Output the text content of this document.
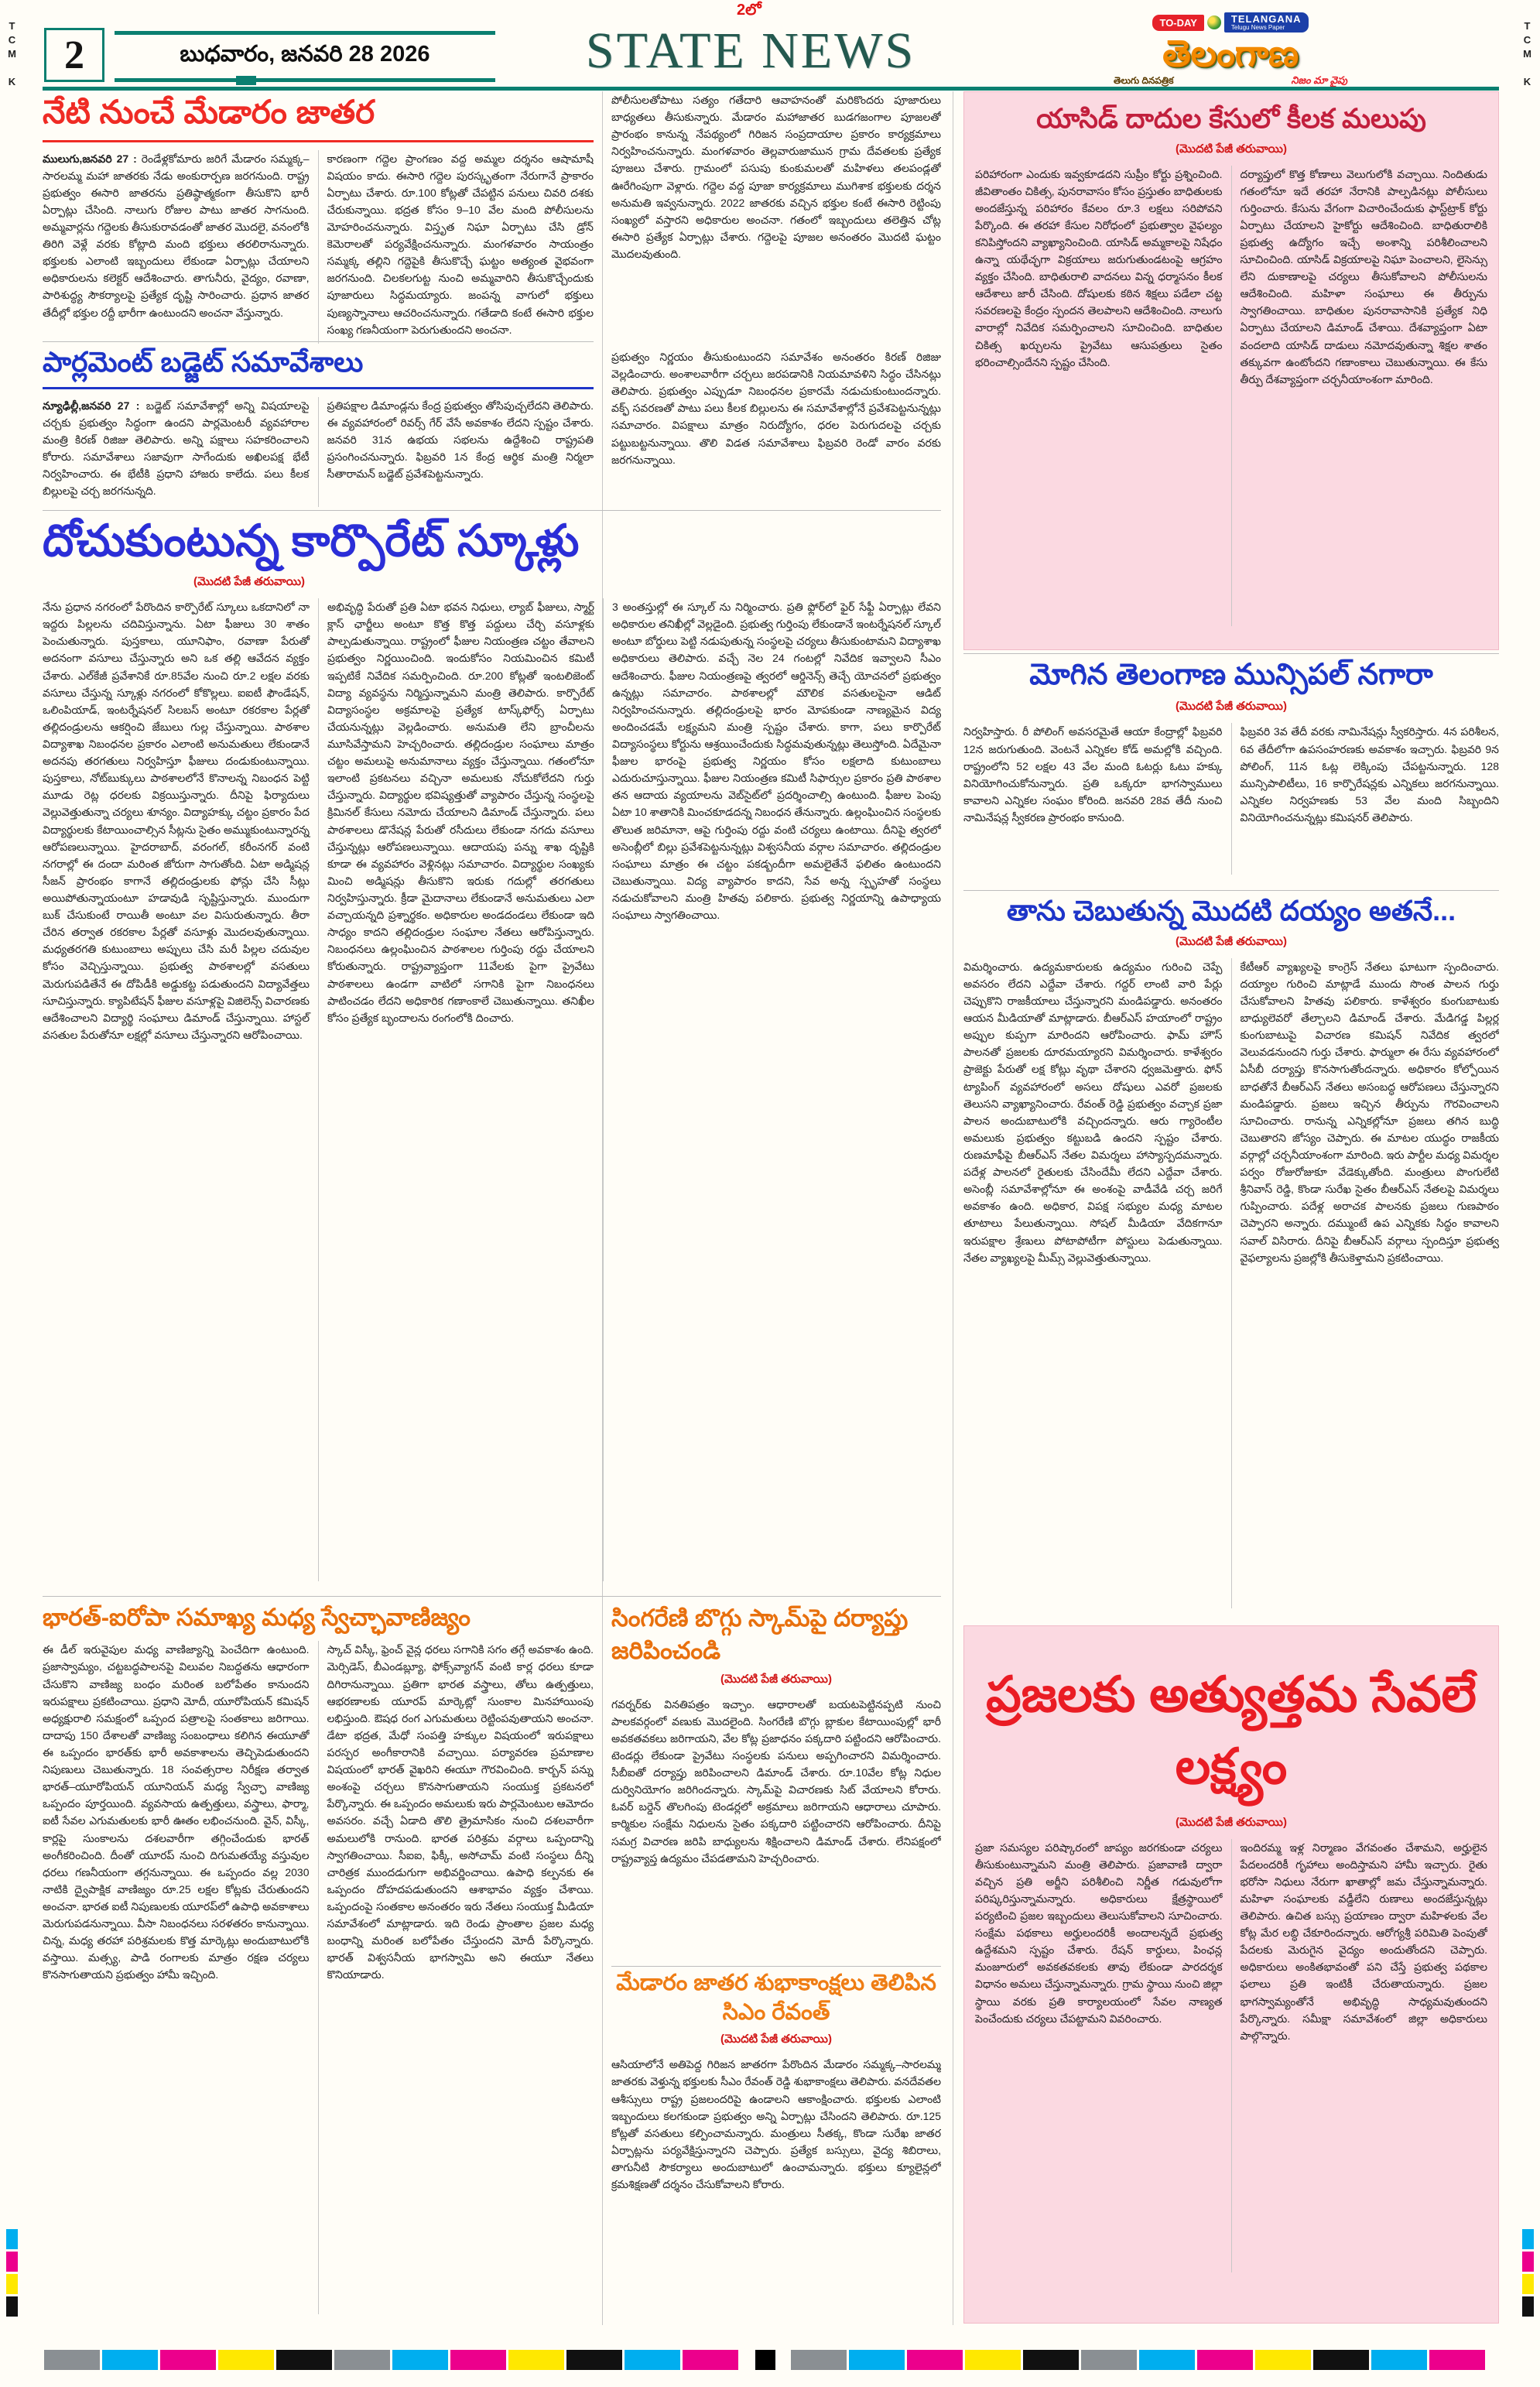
2లో
TCM K	TCM K
2	బుధవారం, జనవరి 28 2026	STATE NEWS	TO-DAY	TELANGANA
Telugu News Paper
తెలంగాణ
తెలుగు దినపత్రిక	నిజం మా వైపు
నేటి నుంచే మేడారం జాతర
ములుగు,జనవరి 27 : రెండేళ్లకోమారు జరిగే మేడారం సమ్మక్క–సారలమ్మ మహా జాతరకు నేడు అంకురార్పణ జరగనుంది. రాష్ట్ర ప్రభుత్వం ఈసారి జాతరను ప్రతిష్ఠాత్మకంగా తీసుకొని భారీ ఏర్పాట్లు చేసింది. నాలుగు రోజుల పాటు జాతర సాగనుంది. అమ్మవార్లను గద్దెలకు తీసుకురావడంతో జాతర మొదలై, వనంలోకి తిరిగి వెళ్లే వరకు కోట్లాది మంది భక్తులు తరలిరానున్నారు. భక్తులకు ఎలాంటి ఇబ్బందులు లేకుండా ఏర్పాట్లు చేయాలని అధికారులను కలెక్టర్ ఆదేశించారు. తాగునీరు, వైద్యం, రవాణా, పారిశుద్ధ్య సౌకర్యాలపై ప్రత్యేక దృష్టి సారించారు. ప్రధాన జాతర తేదీల్లో భక్తుల రద్దీ భారీగా ఉంటుందని అంచనా వేస్తున్నారు.
కారణంగా గద్దెల ప్రాంగణం వద్ద అమ్మల దర్శనం ఆషామాషీ విషయం కాదు. ఈసారి గద్దెల పురస్కృతంగా నేరుగానే ప్రాకారం ఏర్పాటు చేశారు. రూ.100 కోట్లతో చేపట్టిన పనులు చివరి దశకు చేరుకున్నాయి. భద్రత కోసం 9–10 వేల మంది పోలీసులను మోహరించనున్నారు. విస్తృత నిఘా ఏర్పాటు చేసి డ్రోన్ కెమెరాలతో పర్యవేక్షించనున్నారు. మంగళవారం సాయంత్రం సమ్మక్క తల్లిని గద్దెపైకి తీసుకొచ్చే ఘట్టం అత్యంత వైభవంగా జరగనుంది. చిలకలగుట్ట నుంచి అమ్మవారిని తీసుకొచ్చేందుకు పూజారులు సిద్ధమయ్యారు. జంపన్న వాగులో భక్తులు పుణ్యస్నానాలు ఆచరించనున్నారు. గతేడాది కంటే ఈసారి భక్తుల సంఖ్య గణనీయంగా పెరుగుతుందని అంచనా.
పార్లమెంట్ బడ్జెట్ సమావేశాలు
న్యూఢిల్లీ,జనవరి 27 : బడ్జెట్ సమావేశాల్లో అన్ని విషయాలపై చర్చకు ప్రభుత్వం సిద్ధంగా ఉందని పార్లమెంటరీ వ్యవహారాల మంత్రి కిరణ్ రిజిజు తెలిపారు. అన్ని పక్షాలు సహకరించాలని కోరారు. సమావేశాలు సజావుగా సాగేందుకు అఖిలపక్ష భేటీ నిర్వహించారు. ఈ భేటీకి ప్రధాని హాజరు కాలేదు. పలు కీలక బిల్లులపై చర్చ జరగనున్నది.
ప్రతిపక్షాల డిమాండ్లను కేంద్ర ప్రభుత్వం తోసిపుచ్చలేదని తెలిపారు. ఈ వ్యవహారంలో రివర్స్ గేర్ వేసే అవకాశం లేదని స్పష్టం చేశారు. జనవరి 31న ఉభయ సభలను ఉద్దేశించి రాష్ట్రపతి ప్రసంగించనున్నారు. ఫిబ్రవరి 1న కేంద్ర ఆర్థిక మంత్రి నిర్మలా సీతారామన్ బడ్జెట్ ప్రవేశపెట్టనున్నారు.
పోలీసులతోపాటు సత్యం గతేదారి ఆవాహనంతో మరికొందరు పూజారులు బాధ్యతలు తీసుకున్నారు. మేడారం మహాజాతర బుడగజంగాల పూజలతో ప్రారంభం కానున్న నేపథ్యంలో గిరిజన సంప్రదాయాల ప్రకారం కార్యక్రమాలు నిర్వహించనున్నారు. మంగళవారం తెల్లవారుజామున గ్రామ దేవతలకు ప్రత్యేక పూజలు చేశారు. గ్రామంలో పసుపు కుంకుమలతో మహిళలు తలపండ్లతో ఊరేగింపుగా వెళ్లారు. గద్దెల వద్ద పూజా కార్యక్రమాలు ముగిశాక భక్తులకు దర్శన అనుమతి ఇవ్వనున్నారు. 2022 జాతరకు వచ్చిన భక్తుల కంటే ఈసారి రెట్టింపు సంఖ్యలో వస్తారని అధికారుల అంచనా. గతంలో ఇబ్బందులు తలెత్తిన చోట్ల ఈసారి ప్రత్యేక ఏర్పాట్లు చేశారు. గద్దెలపై పూజల అనంతరం మొదటి ఘట్టం మొదలవుతుంది.
ప్రభుత్వం నిర్ణయం తీసుకుంటుందని సమావేశం అనంతరం కిరణ్ రిజిజు వెల్లడించారు. అంశాలవారీగా చర్చలు జరపడానికి నియమావళిని సిద్ధం చేసినట్లు తెలిపారు. ప్రభుత్వం ఎప్పుడూ నిబంధనల ప్రకారమే నడుచుకుంటుందన్నారు. వక్ఫ్ సవరణతో పాటు పలు కీలక బిల్లులను ఈ సమావేశాల్లోనే ప్రవేశపెట్టనున్నట్లు సమాచారం. విపక్షాలు మాత్రం నిరుద్యోగం, ధరల పెరుగుదలపై చర్చకు పట్టుబట్టనున్నాయి. తొలి విడత సమావేశాలు ఫిబ్రవరి రెండో వారం వరకు జరగనున్నాయి.
దోచుకుంటున్న కార్పొరేట్ స్కూళ్లు
(మొదటి పేజీ తరువాయి)
నేను ప్రధాన నగరంలో పేరొందిన కార్పొరేట్ స్కూలు ఒకదానిలో నా ఇద్దరు పిల్లలను చదివిస్తున్నాను. ఏటా ఫీజులు 30 శాతం పెంచుతున్నారు. పుస్తకాలు, యూనిఫాం, రవాణా పేరుతో అదనంగా వసూలు చేస్తున్నారు అని ఒక తల్లి ఆవేదన వ్యక్తం చేశారు. ఎల్‌కేజీ ప్రవేశానికే రూ.85వేల నుంచి రూ.2 లక్షల వరకు వసూలు చేస్తున్న స్కూళ్లు నగరంలో కోకొల్లలు. ఐఐటీ ఫౌండేషన్, ఒలింపియాడ్, ఇంటర్నేషనల్ సిలబస్ అంటూ రకరకాల పేర్లతో తల్లిదండ్రులను ఆకర్షించి జేబులు గుల్ల చేస్తున్నాయి. పాఠశాల విద్యాశాఖ నిబంధనల ప్రకారం ఎలాంటి అనుమతులు లేకుండానే అదనపు తరగతులు నిర్వహిస్తూ ఫీజులు దండుకుంటున్నాయి. పుస్తకాలు, నోట్‌బుక్కులు పాఠశాలలోనే కొనాలన్న నిబంధన పెట్టి మూడు రెట్ల ధరలకు విక్రయిస్తున్నారు. దీనిపై ఫిర్యాదులు వెల్లువెత్తుతున్నా చర్యలు శూన్యం. విద్యాహక్కు చట్టం ప్రకారం పేద విద్యార్థులకు కేటాయించాల్సిన సీట్లను సైతం అమ్ముకుంటున్నారన్న ఆరోపణలున్నాయి. హైదరాబాద్, వరంగల్, కరీంనగర్ వంటి నగరాల్లో ఈ దందా మరింత జోరుగా సాగుతోంది. ఏటా అడ్మిషన్ల సీజన్ ప్రారంభం కాగానే తల్లిదండ్రులకు ఫోన్లు చేసి సీట్లు అయిపోతున్నాయంటూ హడావుడి సృష్టిస్తున్నారు. ముందుగా బుక్ చేసుకుంటే రాయితీ అంటూ వల విసురుతున్నారు. తీరా చేరిన తర్వాత రకరకాల పేర్లతో వసూళ్లు మొదలవుతున్నాయి. మధ్యతరగతి కుటుంబాలు అప్పులు చేసి మరీ పిల్లల చదువుల కోసం వెచ్చిస్తున్నాయి. ప్రభుత్వ పాఠశాలల్లో వసతులు మెరుగుపడితేనే ఈ దోపిడీకి అడ్డుకట్ట పడుతుందని విద్యావేత్తలు సూచిస్తున్నారు. క్యాపిటేషన్ ఫీజుల వసూళ్లపై విజిలెన్స్ విచారణకు ఆదేశించాలని విద్యార్థి సంఘాలు డిమాండ్ చేస్తున్నాయి. హాస్టల్ వసతుల పేరుతోనూ లక్షల్లో వసూలు చేస్తున్నారని ఆరోపించాయి.
అభివృద్ధి పేరుతో ప్రతి ఏటా భవన నిధులు, ల్యాబ్ ఫీజులు, స్మార్ట్ క్లాస్ ఛార్జీలు అంటూ కొత్త కొత్త పద్దులు చేర్చి వసూళ్లకు పాల్పడుతున్నాయి. రాష్ట్రంలో ఫీజుల నియంత్రణ చట్టం తేవాలని ప్రభుత్వం నిర్ణయించింది. ఇందుకోసం నియమించిన కమిటీ ఇప్పటికే నివేదిక సమర్పించింది. రూ.200 కోట్లతో ఇంటలిజెంట్ విద్యా వ్యవస్థను నిర్మిస్తున్నామని మంత్రి తెలిపారు. కార్పొరేట్ విద్యాసంస్థల అక్రమాలపై ప్రత్యేక టాస్క్‌ఫోర్స్ ఏర్పాటు చేయనున్నట్లు వెల్లడించారు. అనుమతి లేని బ్రాంచీలను మూసివేస్తామని హెచ్చరించారు. తల్లిదండ్రుల సంఘాలు మాత్రం చట్టం అమలుపై అనుమానాలు వ్యక్తం చేస్తున్నాయి. గతంలోనూ ఇలాంటి ప్రకటనలు వచ్చినా అమలుకు నోచుకోలేదని గుర్తు చేస్తున్నారు. విద్యార్థుల భవిష్యత్తుతో వ్యాపారం చేస్తున్న సంస్థలపై క్రిమినల్ కేసులు నమోదు చేయాలని డిమాండ్ చేస్తున్నారు. పలు పాఠశాలలు డొనేషన్ల పేరుతో రసీదులు లేకుండా నగదు వసూలు చేస్తున్నట్లు ఆరోపణలున్నాయి. ఆదాయపు పన్ను శాఖ దృష్టికి కూడా ఈ వ్యవహారం వెళ్లినట్లు సమాచారం. విద్యార్థుల సంఖ్యకు మించి అడ్మిషన్లు తీసుకొని ఇరుకు గదుల్లో తరగతులు నిర్వహిస్తున్నారు. క్రీడా మైదానాలు లేకుండానే అనుమతులు ఎలా వచ్చాయన్నది ప్రశ్నార్థకం. అధికారుల అండదండలు లేకుండా ఇది సాధ్యం కాదని తల్లిదండ్రుల సంఘాల నేతలు ఆరోపిస్తున్నారు. నిబంధనలు ఉల్లంఘించిన పాఠశాలల గుర్తింపు రద్దు చేయాలని కోరుతున్నారు. రాష్ట్రవ్యాప్తంగా 11వేలకు పైగా ప్రైవేటు పాఠశాలలు ఉండగా వాటిలో సగానికి పైగా నిబంధనలు పాటించడం లేదని అధికారిక గణాంకాలే చెబుతున్నాయి. తనిఖీల కోసం ప్రత్యేక బృందాలను రంగంలోకి దించారు.
3 అంతస్తుల్లో ఈ స్కూల్ ను నిర్మించారు. ప్రతి ఫ్లోర్‌లో ఫైర్ సేఫ్టీ ఏర్పాట్లు లేవని అధికారుల తనిఖీల్లో వెల్లడైంది. ప్రభుత్వ గుర్తింపు లేకుండానే ఇంటర్నేషనల్ స్కూల్ అంటూ బోర్డులు పెట్టి నడుపుతున్న సంస్థలపై చర్యలు తీసుకుంటామని విద్యాశాఖ అధికారులు తెలిపారు. వచ్చే నెల 24 గంటల్లో నివేదిక ఇవ్వాలని సీఎం ఆదేశించారు. ఫీజుల నియంత్రణపై త్వరలో ఆర్డినెన్స్ తెచ్చే యోచనలో ప్రభుత్వం ఉన్నట్లు సమాచారం. పాఠశాలల్లో మౌలిక వసతులపైనా ఆడిట్ నిర్వహించనున్నారు. తల్లిదండ్రులపై భారం మోపకుండా నాణ్యమైన విద్య అందించడమే లక్ష్యమని మంత్రి స్పష్టం చేశారు. కాగా, పలు కార్పొరేట్ విద్యాసంస్థలు కోర్టును ఆశ్రయించేందుకు సిద్ధమవుతున్నట్లు తెలుస్తోంది. ఏదేమైనా ఫీజుల భారంపై ప్రభుత్వ నిర్ణయం కోసం లక్షలాది కుటుంబాలు ఎదురుచూస్తున్నాయి. ఫీజుల నియంత్రణ కమిటీ సిఫార్సుల ప్రకారం ప్రతి పాఠశాల తన ఆదాయ వ్యయాలను వెబ్‌సైట్‌లో ప్రదర్శించాల్సి ఉంటుంది. ఫీజుల పెంపు ఏటా 10 శాతానికి మించకూడదన్న నిబంధన తేనున్నారు. ఉల్లంఘించిన సంస్థలకు తొలుత జరిమానా, ఆపై గుర్తింపు రద్దు వంటి చర్యలు ఉంటాయి. దీనిపై త్వరలో అసెంబ్లీలో బిల్లు ప్రవేశపెట్టనున్నట్లు విశ్వసనీయ వర్గాల సమాచారం. తల్లిదండ్రుల సంఘాలు మాత్రం ఈ చట్టం పకడ్బందీగా అమలైతేనే ఫలితం ఉంటుందని చెబుతున్నాయి. విద్య వ్యాపారం కాదని, సేవ అన్న స్పృహతో సంస్థలు నడుచుకోవాలని మంత్రి హితవు పలికారు. ప్రభుత్వ నిర్ణయాన్ని ఉపాధ్యాయ సంఘాలు స్వాగతించాయి.
భారత్-ఐరోపా సమాఖ్య మధ్య స్వేచ్ఛావాణిజ్యం
ఈ డీల్ ఇరువైపుల మధ్య వాణిజ్యాన్ని పెంచేదిగా ఉంటుంది. ప్రజాస్వామ్యం, చట్టబద్ధపాలనపై విలువల నిబద్ధతను ఆధారంగా చేసుకొని వాణిజ్య బంధం మరింత బలోపేతం కానుందని ఇరుపక్షాలు ప్రకటించాయి. ప్రధాని మోదీ, యూరోపియన్ కమిషన్ అధ్యక్షురాలి సమక్షంలో ఒప్పంద పత్రాలపై సంతకాలు జరిగాయి. దాదాపు 150 దేశాలతో వాణిజ్య సంబంధాలు కలిగిన ఈయూతో ఈ ఒప్పందం భారత్‌కు భారీ అవకాశాలను తెచ్చిపెడుతుందని నిపుణులు చెబుతున్నారు. 18 సంవత్సరాల నిరీక్షణ తర్వాత భారత్–యూరోపియన్ యూనియన్ మధ్య స్వేచ్ఛా వాణిజ్య ఒప్పందం పూర్తయింది. వ్యవసాయ ఉత్పత్తులు, వస్త్రాలు, ఫార్మా, ఐటీ సేవల ఎగుమతులకు భారీ ఊతం లభించనుంది. వైన్, విస్కీ, కార్లపై సుంకాలను దశలవారీగా తగ్గించేందుకు భారత్ అంగీకరించింది. దీంతో యూరప్ నుంచి దిగుమతయ్యే వస్తువుల ధరలు గణనీయంగా తగ్గనున్నాయి. ఈ ఒప్పందం వల్ల 2030 నాటికి ద్వైపాక్షిక వాణిజ్యం రూ.25 లక్షల కోట్లకు చేరుతుందని అంచనా. భారత ఐటీ నిపుణులకు యూరప్‌లో ఉపాధి అవకాశాలు మెరుగుపడనున్నాయి. వీసా నిబంధనలు సరళతరం కానున్నాయి. చిన్న, మధ్య తరహా పరిశ్రమలకు కొత్త మార్కెట్లు అందుబాటులోకి వస్తాయి. మత్స్య, పాడి రంగాలకు మాత్రం రక్షణ చర్యలు కొనసాగుతాయని ప్రభుత్వం హామీ ఇచ్చింది.
స్కాచ్ విస్కీ, ఫ్రెంచ్ వైన్ల ధరలు సగానికి సగం తగ్గే అవకాశం ఉంది. మెర్సిడెస్, బీఎండబ్ల్యూ, ఫోక్స్‌వ్యాగన్ వంటి కార్ల ధరలు కూడా దిగిరానున్నాయి. ప్రతిగా భారత వస్త్రాలు, తోలు ఉత్పత్తులు, ఆభరణాలకు యూరప్ మార్కెట్లో సుంకాల మినహాయింపు లభిస్తుంది. ఔషధ రంగ ఎగుమతులు రెట్టింపవుతాయని అంచనా. డేటా భద్రత, మేధో సంపత్తి హక్కుల విషయంలో ఇరుపక్షాలు పరస్పర అంగీకారానికి వచ్చాయి. పర్యావరణ ప్రమాణాల విషయంలో భారత్ వైఖరిని ఈయూ గౌరవించింది. కార్బన్ పన్ను అంశంపై చర్చలు కొనసాగుతాయని సంయుక్త ప్రకటనలో పేర్కొన్నారు. ఈ ఒప్పందం అమలుకు ఇరు పార్లమెంటుల ఆమోదం అవసరం. వచ్చే ఏడాది తొలి త్రైమాసికం నుంచి దశలవారీగా అమలులోకి రానుంది. భారత పరిశ్రమ వర్గాలు ఒప్పందాన్ని స్వాగతించాయి. సీఐఐ, ఫిక్కీ, అసోచామ్ వంటి సంస్థలు దీన్ని చారిత్రక ముందడుగుగా అభివర్ణించాయి. ఉపాధి కల్పనకు ఈ ఒప్పందం దోహదపడుతుందని ఆశాభావం వ్యక్తం చేశాయి. ఒప్పందంపై సంతకాల అనంతరం ఇరు నేతలు సంయుక్త మీడియా సమావేశంలో మాట్లాడారు. ఇది రెండు ప్రాంతాల ప్రజల మధ్య బంధాన్ని మరింత బలోపేతం చేస్తుందని మోదీ పేర్కొన్నారు. భారత్ విశ్వసనీయ భాగస్వామి అని ఈయూ నేతలు కొనియాడారు.
సింగరేణి బొగ్గు స్కామ్‌పై దర్యాప్తు జరిపించండి
(మొదటి పేజీ తరువాయి)
గవర్నర్‌కు వినతిపత్రం ఇచ్చాం. ఆధారాలతో బయటపెట్టినప్పటి నుంచి పాలకవర్గంలో వణుకు మొదలైంది. సింగరేణి బొగ్గు బ్లాకుల కేటాయింపుల్లో భారీ అవకతవకలు జరిగాయని, వేల కోట్ల ప్రజాధనం పక్కదారి పట్టిందని ఆరోపించారు. టెండర్లు లేకుండా ప్రైవేటు సంస్థలకు పనులు అప్పగించారని విమర్శించారు. సీబీఐతో దర్యాప్తు జరిపించాలని డిమాండ్ చేశారు. రూ.10వేల కోట్ల నిధుల దుర్వినియోగం జరిగిందన్నారు. స్కామ్‌పై విచారణకు సిట్ వేయాలని కోరారు. ఓవర్ బర్డెన్ తొలగింపు టెండర్లలో అక్రమాలు జరిగాయని ఆధారాలు చూపారు. కార్మికుల సంక్షేమ నిధులను సైతం పక్కదారి పట్టించారని ఆరోపించారు. దీనిపై సమగ్ర విచారణ జరిపి బాధ్యులను శిక్షించాలని డిమాండ్ చేశారు. లేనిపక్షంలో రాష్ట్రవ్యాప్త ఉద్యమం చేపడతామని హెచ్చరించారు.
మేడారం జాతర శుభాకాంక్షలు తెలిపిన సిఎం రేవంత్
(మొదటి పేజీ తరువాయి)
ఆసియాలోనే అతిపెద్ద గిరిజన జాతరగా పేరొందిన మేడారం సమ్మక్క–సారలమ్మ జాతరకు వెళ్తున్న భక్తులకు సీఎం రేవంత్ రెడ్డి శుభాకాంక్షలు తెలిపారు. వనదేవతల ఆశీస్సులు రాష్ట్ర ప్రజలందరిపై ఉండాలని ఆకాంక్షించారు. భక్తులకు ఎలాంటి ఇబ్బందులు కలగకుండా ప్రభుత్వం అన్ని ఏర్పాట్లు చేసిందని తెలిపారు. రూ.125 కోట్లతో వసతులు కల్పించామన్నారు. మంత్రులు సీతక్క, కొండా సురేఖ జాతర ఏర్పాట్లను పర్యవేక్షిస్తున్నారని చెప్పారు. ప్రత్యేక బస్సులు, వైద్య శిబిరాలు, తాగునీటి సౌకర్యాలు అందుబాటులో ఉంచామన్నారు. భక్తులు క్యూలైన్లలో క్రమశిక్షణతో దర్శనం చేసుకోవాలని కోరారు.
యాసిడ్ దాదుల కేసులో కీలక మలుపు
(మొదటి పేజీ తరువాయి)
పరిహారంగా ఎందుకు ఇవ్వకూడదని సుప్రీం కోర్టు ప్రశ్నించింది. జీవితాంతం చికిత్స, పునరావాసం కోసం ప్రస్తుతం బాధితులకు అందజేస్తున్న పరిహారం కేవలం రూ.3 లక్షలు సరిపోవని పేర్కొంది. ఈ తరహా కేసుల నిరోధంలో ప్రభుత్వాల వైఫల్యం కనిపిస్తోందని వ్యాఖ్యానించింది. యాసిడ్ అమ్మకాలపై నిషేధం ఉన్నా యథేచ్ఛగా విక్రయాలు జరుగుతుండటంపై ఆగ్రహం వ్యక్తం చేసింది. బాధితురాలి వాదనలు విన్న ధర్మాసనం కీలక ఆదేశాలు జారీ చేసింది. దోషులకు కఠిన శిక్షలు పడేలా చట్ట సవరణలపై కేంద్రం స్పందన తెలపాలని ఆదేశించింది. నాలుగు వారాల్లో నివేదిక సమర్పించాలని సూచించింది. బాధితుల చికిత్స ఖర్చులను ప్రైవేటు ఆసుపత్రులు సైతం భరించాల్సిందేనని స్పష్టం చేసింది.
దర్యాప్తులో కొత్త కోణాలు వెలుగులోకి వచ్చాయి. నిందితుడు గతంలోనూ ఇదే తరహా నేరానికి పాల్పడినట్లు పోలీసులు గుర్తించారు. కేసును వేగంగా విచారించేందుకు ఫాస్ట్‌ట్రాక్ కోర్టు ఏర్పాటు చేయాలని హైకోర్టు ఆదేశించింది. బాధితురాలికి ప్రభుత్వ ఉద్యోగం ఇచ్చే అంశాన్ని పరిశీలించాలని సూచించింది. యాసిడ్ విక్రయాలపై నిఘా పెంచాలని, లైసెన్సు లేని దుకాణాలపై చర్యలు తీసుకోవాలని పోలీసులను ఆదేశించింది. మహిళా సంఘాలు ఈ తీర్పును స్వాగతించాయి. బాధితుల పునరావాసానికి ప్రత్యేక నిధి ఏర్పాటు చేయాలని డిమాండ్ చేశాయి. దేశవ్యాప్తంగా ఏటా వందలాది యాసిడ్ దాడులు నమోదవుతున్నా శిక్షల శాతం తక్కువగా ఉంటోందని గణాంకాలు చెబుతున్నాయి. ఈ కేసు తీర్పు దేశవ్యాప్తంగా చర్చనీయాంశంగా మారింది.
మోగిన తెలంగాణ మున్సిపల్ నగారా
(మొదటి పేజీ తరువాయి)
నిర్వహిస్తారు. రీ పోలింగ్ అవసరమైతే ఆయా కేంద్రాల్లో ఫిబ్రవరి 12న జరుగుతుంది. వెంటనే ఎన్నికల కోడ్ అమల్లోకి వచ్చింది. రాష్ట్రంలోని 52 లక్షల 43 వేల మంది ఓటర్లు ఓటు హక్కు వినియోగించుకోనున్నారు. ప్రతి ఒక్కరూ భాగస్వాములు కావాలని ఎన్నికల సంఘం కోరింది. జనవరి 28వ తేదీ నుంచి నామినేషన్ల స్వీకరణ ప్రారంభం కానుంది.
ఫిబ్రవరి 3వ తేదీ వరకు నామినేషన్లు స్వీకరిస్తారు. 4న పరిశీలన, 6వ తేదీలోగా ఉపసంహరణకు అవకాశం ఇచ్చారు. ఫిబ్రవరి 9న పోలింగ్, 11న ఓట్ల లెక్కింపు చేపట్టనున్నారు. 128 మున్సిపాలిటీలు, 16 కార్పొరేషన్లకు ఎన్నికలు జరగనున్నాయి. ఎన్నికల నిర్వహణకు 53 వేల మంది సిబ్బందిని వినియోగించనున్నట్లు కమిషనర్ తెలిపారు.
తాను చెబుతున్న మొదటి దయ్యం అతనే...
(మొదటి పేజీ తరువాయి)
విమర్శించారు. ఉద్యమకారులకు ఉద్యమం గురించి చెప్పే అవసరం లేదని ఎద్దేవా చేశారు. గద్దర్ లాంటి వారి పేర్లు చెప్పుకొని రాజకీయాలు చేస్తున్నారని మండిపడ్డారు. అనంతరం ఆయన మీడియాతో మాట్లాడారు. బీఆర్ఎస్ హయాంలో రాష్ట్రం అప్పుల కుప్పగా మారిందని ఆరోపించారు. ఫామ్ హౌస్ పాలనతో ప్రజలకు దూరమయ్యారని విమర్శించారు. కాళేశ్వరం ప్రాజెక్టు పేరుతో లక్ష కోట్లు వృథా చేశారని ధ్వజమెత్తారు. ఫోన్ ట్యాపింగ్ వ్యవహారంలో అసలు దోషులు ఎవరో ప్రజలకు తెలుసని వ్యాఖ్యానించారు. రేవంత్ రెడ్డి ప్రభుత్వం వచ్చాక ప్రజా పాలన అందుబాటులోకి వచ్చిందన్నారు. ఆరు గ్యారెంటీల అమలుకు ప్రభుత్వం కట్టుబడి ఉందని స్పష్టం చేశారు. రుణమాఫీపై బీఆర్ఎస్ నేతల విమర్శలు హాస్యాస్పదమన్నారు. పదేళ్ల పాలనలో రైతులకు చేసిందేమీ లేదని ఎద్దేవా చేశారు. అసెంబ్లీ సమావేశాల్లోనూ ఈ అంశంపై వాడీవేడి చర్చ జరిగే అవకాశం ఉంది. అధికార, విపక్ష సభ్యుల మధ్య మాటల తూటాలు పేలుతున్నాయి. సోషల్ మీడియా వేదికగానూ ఇరుపక్షాల శ్రేణులు పోటాపోటీగా పోస్టులు పెడుతున్నాయి. నేతల వ్యాఖ్యలపై మీమ్స్ వెల్లువెత్తుతున్నాయి.
కేటీఆర్ వ్యాఖ్యలపై కాంగ్రెస్ నేతలు ఘాటుగా స్పందించారు. దయ్యాల గురించి మాట్లాడే ముందు సొంత పాలన గుర్తు చేసుకోవాలని హితవు పలికారు. కాళేశ్వరం కుంగుబాటుకు బాధ్యులెవరో తేల్చాలని డిమాండ్ చేశారు. మేడిగడ్డ పిల్లర్ల కుంగుబాటుపై విచారణ కమిషన్ నివేదిక త్వరలో వెలువడనుందని గుర్తు చేశారు. ఫార్ములా ఈ రేసు వ్యవహారంలో ఏసీబీ దర్యాప్తు కొనసాగుతోందన్నారు. అధికారం కోల్పోయిన బాధతోనే బీఆర్ఎస్ నేతలు అసంబద్ధ ఆరోపణలు చేస్తున్నారని మండిపడ్డారు. ప్రజలు ఇచ్చిన తీర్పును గౌరవించాలని సూచించారు. రానున్న ఎన్నికల్లోనూ ప్రజలు తగిన బుద్ధి చెబుతారని జోస్యం చెప్పారు. ఈ మాటల యుద్ధం రాజకీయ వర్గాల్లో చర్చనీయాంశంగా మారింది. ఇరు పార్టీల మధ్య విమర్శల పర్వం రోజురోజుకూ వేడెక్కుతోంది. మంత్రులు పొంగులేటి శ్రీనివాస్ రెడ్డి, కొండా సురేఖ సైతం బీఆర్ఎస్ నేతలపై విమర్శలు గుప్పించారు. పదేళ్ల అరాచక పాలనకు ప్రజలు గుణపాఠం చెప్పారని అన్నారు. దమ్ముంటే ఉప ఎన్నికకు సిద్ధం కావాలని సవాల్ విసిరారు. దీనిపై బీఆర్ఎస్ వర్గాలు స్పందిస్తూ ప్రభుత్వ వైఫల్యాలను ప్రజల్లోకి తీసుకెళ్తామని ప్రకటించాయి.
ప్రజలకు అత్యుత్తమ సేవలే లక్ష్యం
(మొదటి పేజీ తరువాయి)
ప్రజా సమస్యల పరిష్కారంలో జాప్యం జరగకుండా చర్యలు తీసుకుంటున్నామని మంత్రి తెలిపారు. ప్రజావాణి ద్వారా వచ్చిన ప్రతి అర్జీని పరిశీలించి నిర్ణీత గడువులోగా పరిష్కరిస్తున్నామన్నారు. అధికారులు క్షేత్రస్థాయిలో పర్యటించి ప్రజల ఇబ్బందులు తెలుసుకోవాలని సూచించారు. సంక్షేమ పథకాలు అర్హులందరికీ అందాలన్నదే ప్రభుత్వ ఉద్దేశమని స్పష్టం చేశారు. రేషన్ కార్డులు, పింఛన్ల మంజూరులో అవకతవకలకు తావు లేకుండా పారదర్శక విధానం అమలు చేస్తున్నామన్నారు. గ్రామ స్థాయి నుంచి జిల్లా స్థాయి వరకు ప్రతి కార్యాలయంలో సేవల నాణ్యత పెంచేందుకు చర్యలు చేపట్టామని వివరించారు.
ఇందిరమ్మ ఇళ్ల నిర్మాణం వేగవంతం చేశామని, అర్హులైన పేదలందరికీ గృహాలు అందిస్తామని హామీ ఇచ్చారు. రైతు భరోసా నిధులు నేరుగా ఖాతాల్లో జమ చేస్తున్నామన్నారు. మహిళా సంఘాలకు వడ్డీలేని రుణాలు అందజేస్తున్నట్లు తెలిపారు. ఉచిత బస్సు ప్రయాణం ద్వారా మహిళలకు వేల కోట్ల మేర లబ్ధి చేకూరిందన్నారు. ఆరోగ్యశ్రీ పరిమితి పెంపుతో పేదలకు మెరుగైన వైద్యం అందుతోందని చెప్పారు. అధికారులు అంకితభావంతో పని చేస్తే ప్రభుత్వ పథకాల ఫలాలు ప్రతి ఇంటికీ చేరుతాయన్నారు. ప్రజల భాగస్వామ్యంతోనే అభివృద్ధి సాధ్యమవుతుందని పేర్కొన్నారు. సమీక్షా సమావేశంలో జిల్లా అధికారులు పాల్గొన్నారు.
